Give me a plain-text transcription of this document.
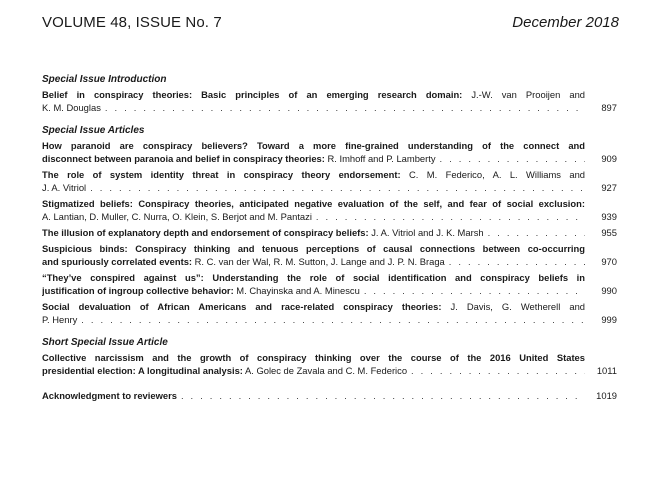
VOLUME 48, ISSUE No. 7	December 2018
Special Issue Introduction
Belief in conspiracy theories: Basic principles of an emerging research domain: J.-W. van Prooijen and
K. M. Douglas . . .	897
Special Issue Articles
How paranoid are conspiracy believers? Toward a more fine-grained understanding of the connect and
disconnect between paranoia and belief in conspiracy theories: R. Imhoff and P. Lamberty . . .	909
The role of system identity threat in conspiracy theory endorsement: C. M. Federico, A. L. Williams and
J. A. Vitriol . . .	927
Stigmatized beliefs: Conspiracy theories, anticipated negative evaluation of the self, and fear of social exclusion:
A. Lantian, D. Muller, C. Nurra, O. Klein, S. Berjot and M. Pantazi . . .	939
The illusion of explanatory depth and endorsement of conspiracy beliefs: J. A. Vitriol and J. K. Marsh . . .	955
Suspicious binds: Conspiracy thinking and tenuous perceptions of causal connections between co-occurring
and spuriously correlated events: R. C. van der Wal, R. M. Sutton, J. Lange and J. P. N. Braga . . .	970
“They’ve conspired against us”: Understanding the role of social identification and conspiracy beliefs in
justification of ingroup collective behavior: M. Chayinska and A. Minescu . . .	990
Social devaluation of African Americans and race-related conspiracy theories: J. Davis, G. Wetherell and
P. Henry . . .	999
Short Special Issue Article
Collective narcissism and the growth of conspiracy thinking over the course of the 2016 United States
presidential election: A longitudinal analysis: A. Golec de Zavala and C. M. Federico . . .	1011
Acknowledgment to reviewers . . .	1019
